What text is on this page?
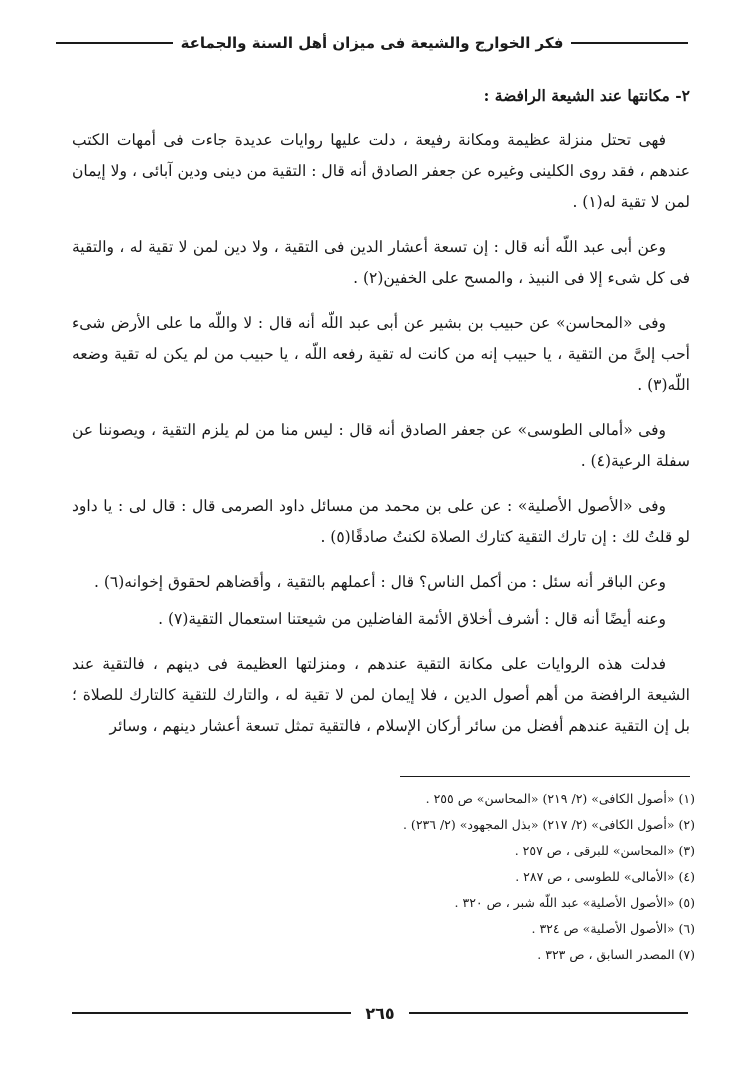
فكر الخوارج والشيعة فى ميزان أهل السنة والجماعة

٢- مكانتها عند الشيعة الرافضة :

فهى تحتل منزلة عظيمة ومكانة رفيعة ، دلت عليها روايات عديدة جاءت فى أمهات الكتب عندهم ، فقد روى الكلينى وغيره عن جعفر الصادق أنه قال : التقية من دينى ودين آبائى ، ولا إيمان لمن لا تقية له(١) .

وعن أبى عبد اللّه أنه قال : إن تسعة أعشار الدين فى التقية ، ولا دين لمن لا تقية له ، والتقية فى كل شىء إلا فى النبيذ ، والمسح على الخفين(٢) .

وفى «المحاسن» عن حبيب بن بشير عن أبى عبد اللّه أنه قال : لا واللّه ما على الأرض شىء أحب إلىَّ من التقية ، يا حبيب إنه من كانت له تقية رفعه اللّه ، يا حبيب من لم يكن له تقية وضعه اللّه(٣) .

وفى «أمالى الطوسى» عن جعفر الصادق أنه قال : ليس منا من لم يلزم التقية ، ويصوننا عن سفلة الرعية(٤) .

وفى «الأصول الأصلية» : عن على بن محمد من مسائل داود الصرمى قال : قال لى : يا داود لو قلتُ لك : إن تارك التقية كتارك الصلاة لكنتُ صادقًا(٥) .

وعن الباقر أنه سئل : من أكمل الناس؟ قال : أعملهم بالتقية ، وأقضاهم لحقوق إخوانه(٦) .

وعنه أيضًا أنه قال : أشرف أخلاق الأئمة الفاضلين من شيعتنا استعمال التقية(٧) .

فدلت هذه الروايات على مكانة التقية عندهم ، ومنزلتها العظيمة فى دينهم ، فالتقية عند الشيعة الرافضة من أهم أصول الدين ، فلا إيمان لمن لا تقية له ، والتارك للتقية كالتارك للصلاة ؛ بل إن التقية عندهم أفضل من سائر أركان الإسلام ، فالتقية تمثل تسعة أعشار دينهم ، وسائر

(١) «أصول الكافى» (٢/ ٢١٩) «المحاسن» ص ٢٥٥ .
(٢) «أصول الكافى» (٢/ ٢١٧) «بذل المجهود» (٢/ ٢٣٦) .
(٣) «المحاسن» للبرقى ، ص ٢٥٧ .
(٤) «الأمالى» للطوسى ، ص ٢٨٧ .
(٥) «الأصول الأصلية» عبد اللّه شبر ، ص ٣٢٠ .
(٦) «الأصول الأصلية» ص ٣٢٤ .
(٧) المصدر السابق ، ص ٣٢٣ .
٢٦٥
